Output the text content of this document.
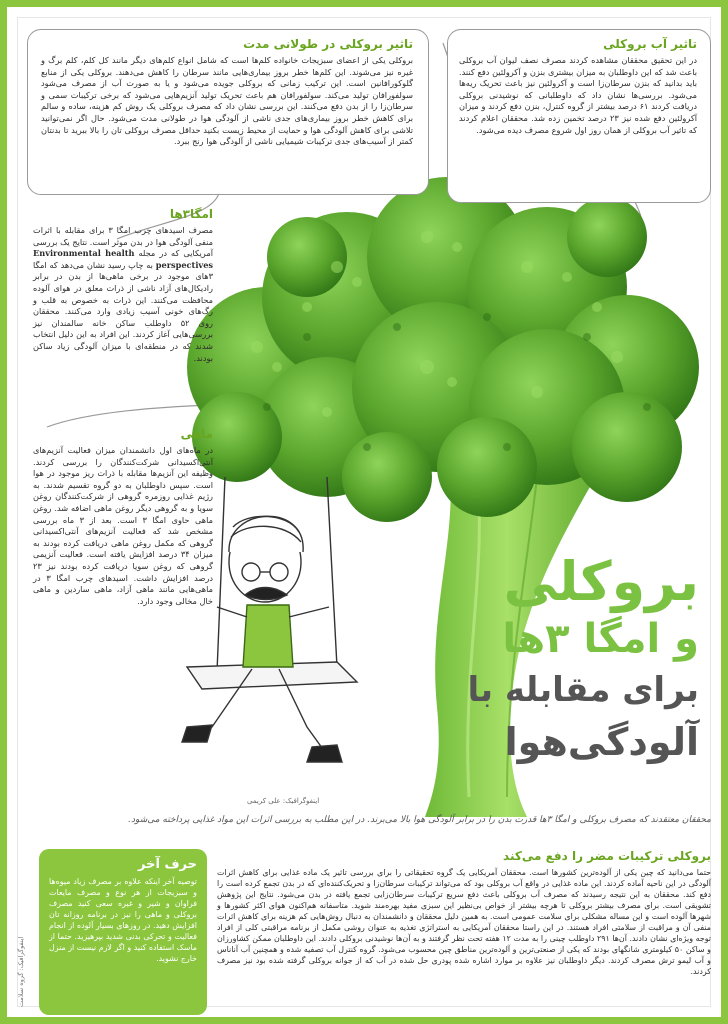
تاثیر بروکلی در طولانی مدت

بروکلی یکی از اعضای سبزیجات خانواده کلم‌ها است که شامل انواع کلم‌های دیگر مانند کل کلم، کلم برگ و غیره نیز می‌شوند. این کلم‌ها خطر بروز بیماری‌هایی مانند سرطان را کاهش می‌دهند. بروکلی یکی از منابع گلوکورافانین است. این ترکیب زمانی که بروکلی جویده می‌شود و یا به صورت آب از مصرف می‌شود سولفورافان تولید می‌کند. سولفورافان هم باعث تحریک تولید آنزیم‌هایی می‌شود که برخی ترکیبات سمی و سرطان‌زا را از بدن دفع می‌کنند. این بررسی نشان داد که مصرف بروکلی یک روش کم هزینه، ساده و سالم برای کاهش خطر بروز بیماری‌های جدی ناشی از آلودگی هوا در طولانی مدت می‌شود. حال اگر نمی‌توانید تلاشی برای کاهش آلودگی هوا و حمایت از محیط زیست بکنید حداقل مصرف بروکلی تان را بالا ببرید تا بدنتان کمتر از آسیب‌های جدی ترکیبات شیمیایی ناشی از آلودگی هوا رنج ببرد.

تاثیر آب بروکلی

در این تحقیق محققان مشاهده کردند مصرف نصف لیوان آب بروکلی باعث شد که این داوطلبان به میزان بیشتری بنزن و آکرولئین دفع کنند. باید بدانید که بنزن سرطان‌زا است و آکرولئین نیز باعث تحریک ریه‌ها می‌شود. بررسی‌ها نشان داد که داوطلبانی که نوشیدنی بروکلی دریافت کردند ۶۱ درصد بیشتر از گروه کنترل، بنزن دفع کردند و میزان آکرولئین دفع شده نیز ۲۳ درصد تخمین زده شد. محققان اعلام کردند که تاثیر آب بروکلی از همان روز اول شروع مصرف دیده می‌شود.

امگا۳ها

مصرف اسیدهای چرب امگا ۳ برای مقابله با اثرات منفی آلودگی هوا در بدن موثر است. نتایج یک بررسی آمریکایی که در مجله Environmental health perspectives به چاپ رسید نشان می‌دهد که امگا ۳های موجود در برخی ماهی‌ها از بدن در برابر رادیکال‌های آزاد ناشی از ذرات معلق در هوای آلوده محافظت می‌کنند. این ذرات به خصوص به قلب و رگ‌های خونی آسیب زیادی وارد می‌کنند. محققان روی ۵۲ داوطلب ساکن خانه سالمندان نیز بررسی‌هایی آغاز کردند. این افراد به این دلیل انتخاب شدند که در منطقه‌ای با میزان آلودگی زیاد ساکن بودند.

ماهی

در ماه‌های اول دانشمندان میزان فعالیت آنزیم‌های آنتی‌اکسیدانی شرکت‌کنندگان را بررسی کردند. وظیفه این آنزیم‌ها مقابله با ذرات ریز موجود در هوا است. سپس داوطلبان به دو گروه تقسیم شدند. به رژیم غذایی روزمره گروهی از شرکت‌کنندگان روغن سویا و به گروهی دیگر روغن ماهی اضافه شد. روغن ماهی حاوی امگا ۳ است. بعد از ۳ ماه بررسی مشخص شد که فعالیت آنزیم‌های آنتی‌اکسیدانی گروهی که مکمل روغن ماهی دریافت کرده بودند به میزان ۳۴ درصد افزایش یافته است. فعالیت آنزیمی گروهی که روغن سویا دریافت کرده بودند نیز ۲۳ درصد افزایش داشت. اسیدهای چرب امگا ۳ در ماهی‌هایی مانند ماهی آزاد، ماهی ساردین و ماهی خال مخالی وجود دارد.	بروکلی
و امگا ۳ها
برای مقابله با
آلودگی‌هوا
اینفوگرافیک: علی کریمی
محققان معتقدند که مصرف بروکلی و امگا ۳ها قدرت بدن را در برابر آلودگی هوا بالا می‌برند. در این مطلب به بررسی اثرات این مواد غذایی پرداخته می‌شود.

بروکلی ترکیبات مضر را دفع می‌کند

حتما می‌دانید که چین یکی از آلوده‌ترین کشورها است. محققان آمریکایی یک گروه تحقیقاتی را برای بررسی تاثیر یک ماده غذایی برای کاهش اثرات آلودگی در این ناحیه آماده کردند. این ماده غذایی در واقع آب بروکلی بود که می‌تواند ترکیبات سرطان‌زا و تحریک‌کننده‌ای که در بدن تجمع کرده است را دفع کند. محققان به این نتیجه رسیدند که مصرف آب بروکلی باعث دفع سریع ترکیبات سرطان‌زایی تجمع یافته در بدن می‌شود. نتایج این پژوهش تشویقی است. برای مصرف بیشتر بروکلی تا هرچه بیشتر از خواص بی‌نظیر این سبزی مفید بهره‌مند شوید. متاسفانه هم‌اکنون هوای اکثر کشورها و شهرها آلوده است و این مساله مشکلی برای سلامت عمومی است. به همین دلیل محققان و دانشمندان به دنبال روش‌هایی کم هزینه برای کاهش اثرات منفی آن و مراقبت از سلامتی افراد هستند. در این راستا محققان آمریکایی به استراتژی تغذیه به عنوان روشی مکمل از برنامه مراقبتی کلی از افراد توجه ویژه‌ای نشان دادند. آن‌ها ۲۹۱ داوطلب چینی را به مدت ۱۲ هفته تحت نظر گرفتند و به آن‌ها نوشیدنی بروکلی دادند. این داوطلبان ممکن کشاورزان و ساکن ۵۰ کیلومتری شانگهای بودند که یکی از صنعتی‌ترین و آلوده‌ترین مناطق چین محسوب می‌شود. گروه کنترل آب تصفیه شده و همچنین آب آناناس و آب لیمو ترش مصرف کردند. دیگر داوطلبان نیز علاوه بر موارد اشاره شده پودری حل شده در آب که از جوانه بروکلی گرفته شده بود نیز مصرف کردند.

حرف آخر

توصیه آخر اینکه علاوه بر مصرف زیاد میوه‌ها و سبزیجات از هر نوع و مصرف مایعات فراوان و شیر و غیره سعی کنید مصرف بروکلی و ماهی را نیز در برنامه روزانه تان افزایش دهید. در روزهای بسیار آلوده از انجام فعالیت و تحرکی بدنی شدید بپرهیزید. حتما از ماسک استفاده کنید و اگر لازم نیست از منزل خارج نشوید.

اینفوگرافیک: گروه سلامت
